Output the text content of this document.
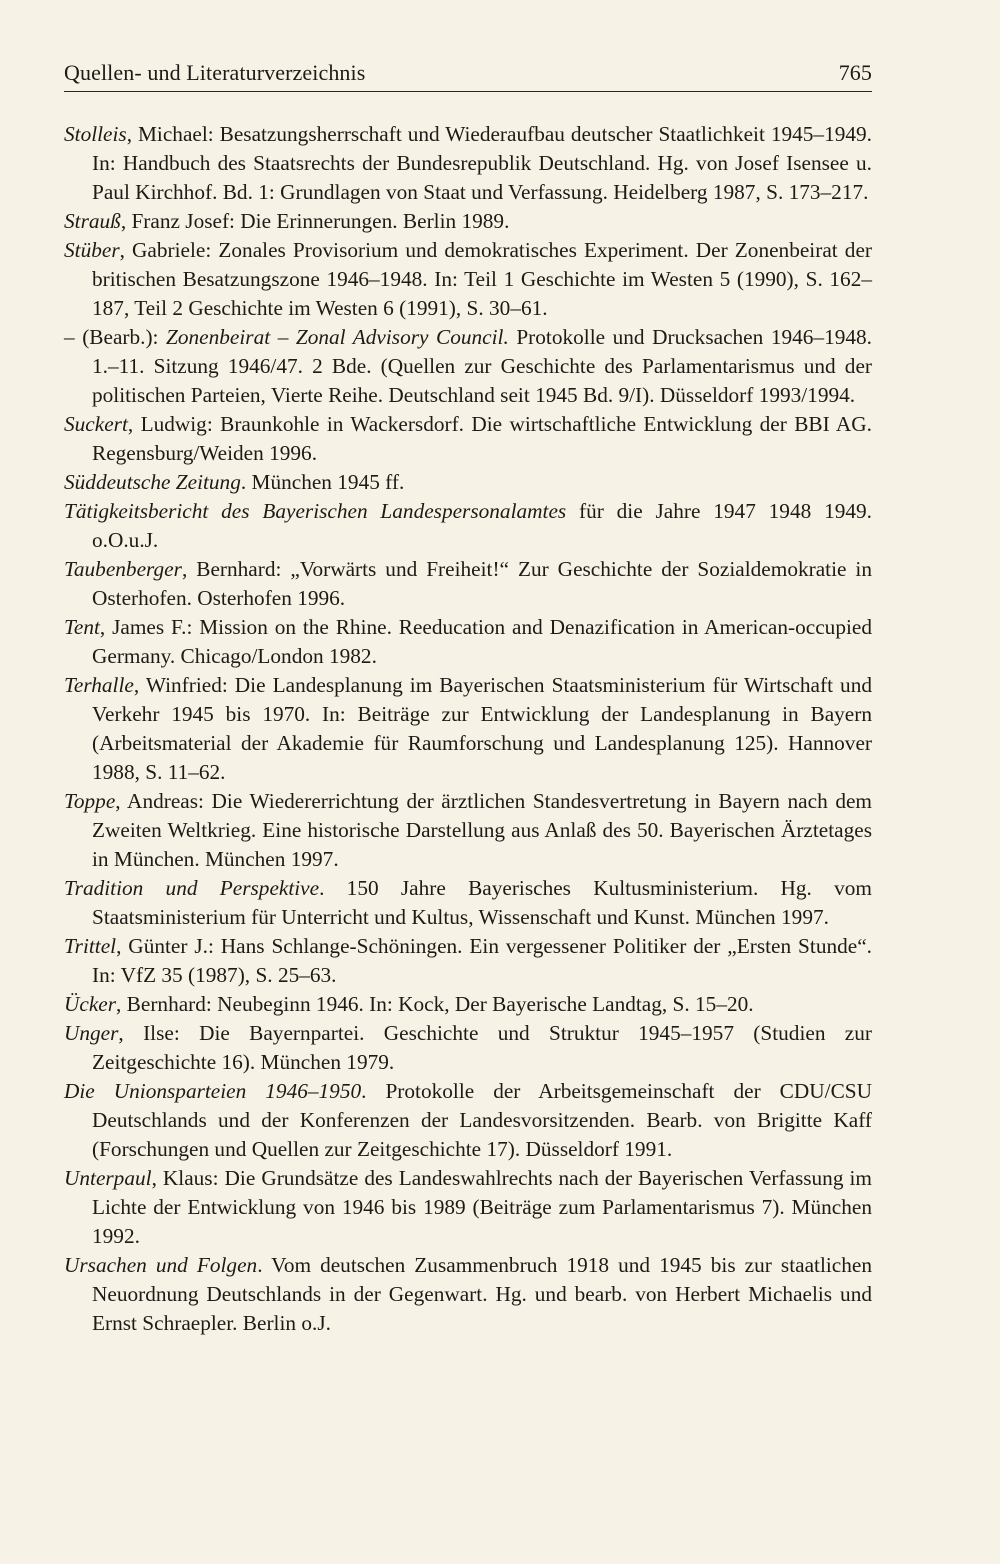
Quellen- und Literaturverzeichnis	765

Stolleis, Michael: Besatzungsherrschaft und Wiederaufbau deutscher Staatlichkeit 1945–1949. In: Handbuch des Staatsrechts der Bundesrepublik Deutschland. Hg. von Josef Isensee u. Paul Kirchhof. Bd. 1: Grundlagen von Staat und Verfassung. Heidelberg 1987, S. 173–217.

Strauß, Franz Josef: Die Erinnerungen. Berlin 1989.

Stüber, Gabriele: Zonales Provisorium und demokratisches Experiment. Der Zonenbeirat der britischen Besatzungszone 1946–1948. In: Teil 1 Geschichte im Westen 5 (1990), S. 162–187, Teil 2 Geschichte im Westen 6 (1991), S. 30–61.

– (Bearb.): Zonenbeirat – Zonal Advisory Council. Protokolle und Drucksachen 1946–1948. 1.–11. Sitzung 1946/47. 2 Bde. (Quellen zur Geschichte des Parlamentarismus und der politischen Parteien, Vierte Reihe. Deutschland seit 1945 Bd. 9/I). Düsseldorf 1993/1994.

Suckert, Ludwig: Braunkohle in Wackersdorf. Die wirtschaftliche Entwicklung der BBI AG. Regensburg/Weiden 1996.

Süddeutsche Zeitung. München 1945 ff.

Tätigkeitsbericht des Bayerischen Landespersonalamtes für die Jahre 1947 1948 1949. o.O.u.J.

Taubenberger, Bernhard: „Vorwärts und Freiheit!“ Zur Geschichte der Sozialdemokratie in Osterhofen. Osterhofen 1996.

Tent, James F.: Mission on the Rhine. Reeducation and Denazification in American-occupied Germany. Chicago/London 1982.

Terhalle, Winfried: Die Landesplanung im Bayerischen Staatsministerium für Wirtschaft und Verkehr 1945 bis 1970. In: Beiträge zur Entwicklung der Landesplanung in Bayern (Arbeitsmaterial der Akademie für Raumforschung und Landesplanung 125). Hannover 1988, S. 11–62.

Toppe, Andreas: Die Wiedererrichtung der ärztlichen Standesvertretung in Bayern nach dem Zweiten Weltkrieg. Eine historische Darstellung aus Anlaß des 50. Bayerischen Ärztetages in München. München 1997.

Tradition und Perspektive. 150 Jahre Bayerisches Kultusministerium. Hg. vom Staatsministerium für Unterricht und Kultus, Wissenschaft und Kunst. München 1997.

Trittel, Günter J.: Hans Schlange-Schöningen. Ein vergessener Politiker der „Ersten Stunde“. In: VfZ 35 (1987), S. 25–63.

Ücker, Bernhard: Neubeginn 1946. In: Kock, Der Bayerische Landtag, S. 15–20.

Unger, Ilse: Die Bayernpartei. Geschichte und Struktur 1945–1957 (Studien zur Zeitgeschichte 16). München 1979.

Die Unionsparteien 1946–1950. Protokolle der Arbeitsgemeinschaft der CDU/CSU Deutschlands und der Konferenzen der Landesvorsitzenden. Bearb. von Brigitte Kaff (Forschungen und Quellen zur Zeitgeschichte 17). Düsseldorf 1991.

Unterpaul, Klaus: Die Grundsätze des Landeswahlrechts nach der Bayerischen Verfassung im Lichte der Entwicklung von 1946 bis 1989 (Beiträge zum Parlamentarismus 7). München 1992.

Ursachen und Folgen. Vom deutschen Zusammenbruch 1918 und 1945 bis zur staatlichen Neuordnung Deutschlands in der Gegenwart. Hg. und bearb. von Herbert Michaelis und Ernst Schraepler. Berlin o.J.
